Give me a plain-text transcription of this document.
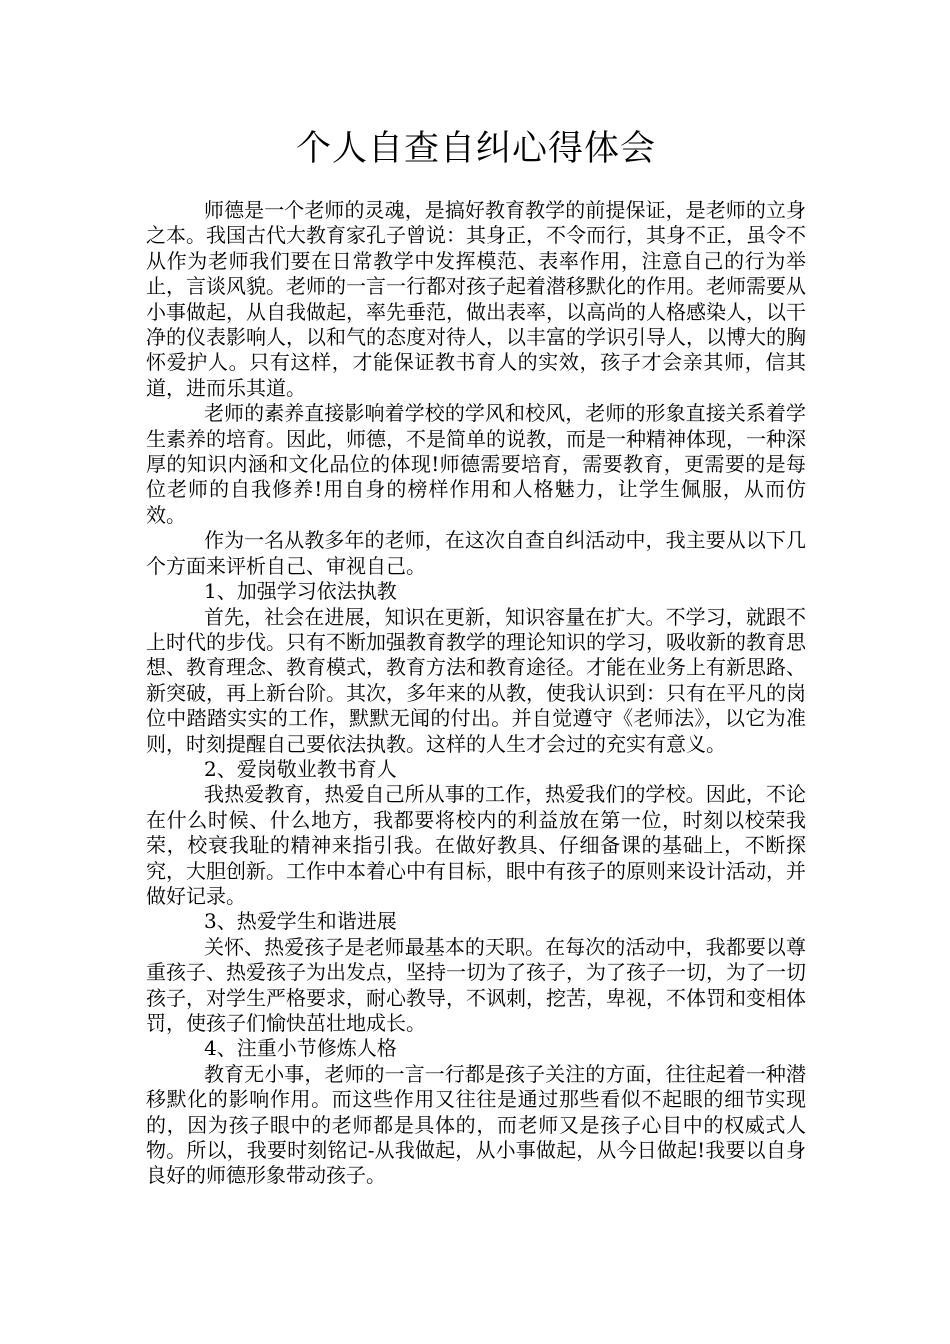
个人自查自纠心得体会

师德是一个老师的灵魂，是搞好教育教学的前提保证，是老师的立身之本。我国古代大教育家孔子曾说：其身正，不令而行，其身不正，虽令不从作为老师我们要在日常教学中发挥模范、表率作用，注意自己的行为举止，言谈风貌。老师的一言一行都对孩子起着潜移默化的作用。老师需要从小事做起，从自我做起，率先垂范，做出表率，以高尚的人格感染人，以干净的仪表影响人，以和气的态度对待人，以丰富的学识引导人，以博大的胸怀爱护人。只有这样，才能保证教书育人的实效，孩子才会亲其师，信其道，进而乐其道。

老师的素养直接影响着学校的学风和校风，老师的形象直接关系着学生素养的培育。因此，师德，不是简单的说教，而是一种精神体现，一种深厚的知识内涵和文化品位的体现!师德需要培育，需要教育，更需要的是每位老师的自我修养!用自身的榜样作用和人格魅力，让学生佩服，从而仿效。

作为一名从教多年的老师，在这次自查自纠活动中，我主要从以下几个方面来评析自己、审视自己。

1、加强学习依法执教

首先，社会在进展，知识在更新，知识容量在扩大。不学习，就跟不上时代的步伐。只有不断加强教育教学的理论知识的学习，吸收新的教育思想、教育理念、教育模式，教育方法和教育途径。才能在业务上有新思路、新突破，再上新台阶。其次，多年来的从教，使我认识到：只有在平凡的岗位中踏踏实实的工作，默默无闻的付出。并自觉遵守《老师法》，以它为准则，时刻提醒自己要依法执教。这样的人生才会过的充实有意义。

2、爱岗敬业教书育人

我热爱教育，热爱自己所从事的工作，热爱我们的学校。因此，不论在什么时候、什么地方，我都要将校内的利益放在第一位，时刻以校荣我荣，校衰我耻的精神来指引我。在做好教具、仔细备课的基础上，不断探究，大胆创新。工作中本着心中有目标，眼中有孩子的原则来设计活动，并做好记录。

3、热爱学生和谐进展

关怀、热爱孩子是老师最基本的天职。在每次的活动中，我都要以尊重孩子、热爱孩子为出发点，坚持一切为了孩子，为了孩子一切，为了一切孩子，对学生严格要求，耐心教导，不讽刺，挖苦，卑视，不体罚和变相体罚，使孩子们愉快茁壮地成长。

4、注重小节修炼人格

教育无小事，老师的一言一行都是孩子关注的方面，往往起着一种潜移默化的影响作用。而这些作用又往往是通过那些看似不起眼的细节实现的，因为孩子眼中的老师都是具体的，而老师又是孩子心目中的权威式人物。所以，我要时刻铭记-从我做起，从小事做起，从今日做起!我要以自身良好的师德形象带动孩子。
